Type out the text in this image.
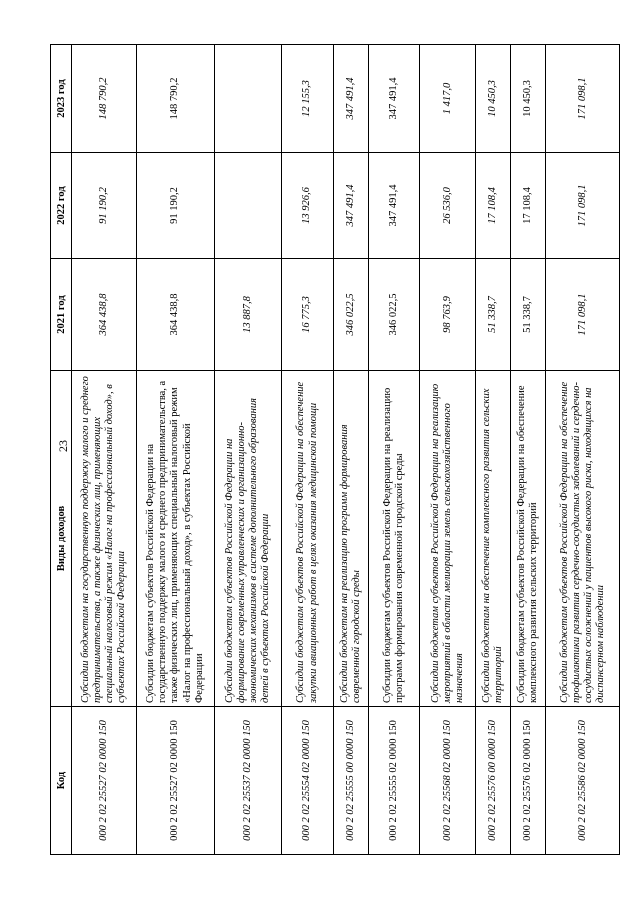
23
Код	Виды доходов	2021 год	2022 год	2023 год
000 2 02 25527 02 0000 150	Субсидии бюджетам на государственную поддержку малого и среднего предпринимательства, а также физических лиц, применяющих специальный налоговый режим «Налог на профессиональный доход», в субъектах Российской Федерации	364 438,8	91 190,2	148 790,2
000 2 02 25527 02 0000 150	Субсидии бюджетам субъектов Российской Федерации на государственную поддержку малого и среднего предпринимательства, а также физических лиц, применяющих специальный налоговый режим «Налог на профессиональный доход», в субъектах Российской Федерации	364 438,8	91 190,2	148 790,2
000 2 02 25537 02 0000 150	Субсидии бюджетам субъектов Российской Федерации на формирование современных управленческих и организационно-экономических механизмов в системе дополнительного образования детей в субъектах Российской Федерации	13 887,8		
000 2 02 25554 02 0000 150	Субсидии бюджетам субъектов Российской Федерации на обеспечение закупки авиационных работ в целях оказания медицинской помощи	16 775,3	13 926,6	12 155,3
000 2 02 25555 00 0000 150	Субсидии бюджетам на реализацию программ формирования современной городской среды	346 022,5	347 491,4	347 491,4
000 2 02 25555 02 0000 150	Субсидии бюджетам субъектов Российской Федерации на реализацию программ формирования современной городской среды	346 022,5	347 491,4	347 491,4
000 2 02 25568 02 0000 150	Субсидии бюджетам субъектов Российской Федерации на реализацию мероприятий в области мелиорации земель сельскохозяйственного назначения	98 763,9	26 536,0	1 417,0
000 2 02 25576 00 0000 150	Субсидии бюджетам на обеспечение комплексного развития сельских территорий	51 338,7	17 108,4	10 450,3
000 2 02 25576 02 0000 150	Субсидии бюджетам субъектов Российской Федерации на обеспечение комплексного развития сельских территорий	51 338,7	17 108,4	10 450,3
000 2 02 25586 02 0000 150	Субсидии бюджетам субъектов Российской Федерации на обеспечение профилактики развития сердечно-сосудистых заболеваний и сердечно-сосудистых осложнений у пациентов высокого риска, находящихся на диспансерном наблюдении	171 098,1	171 098,1	171 098,1
